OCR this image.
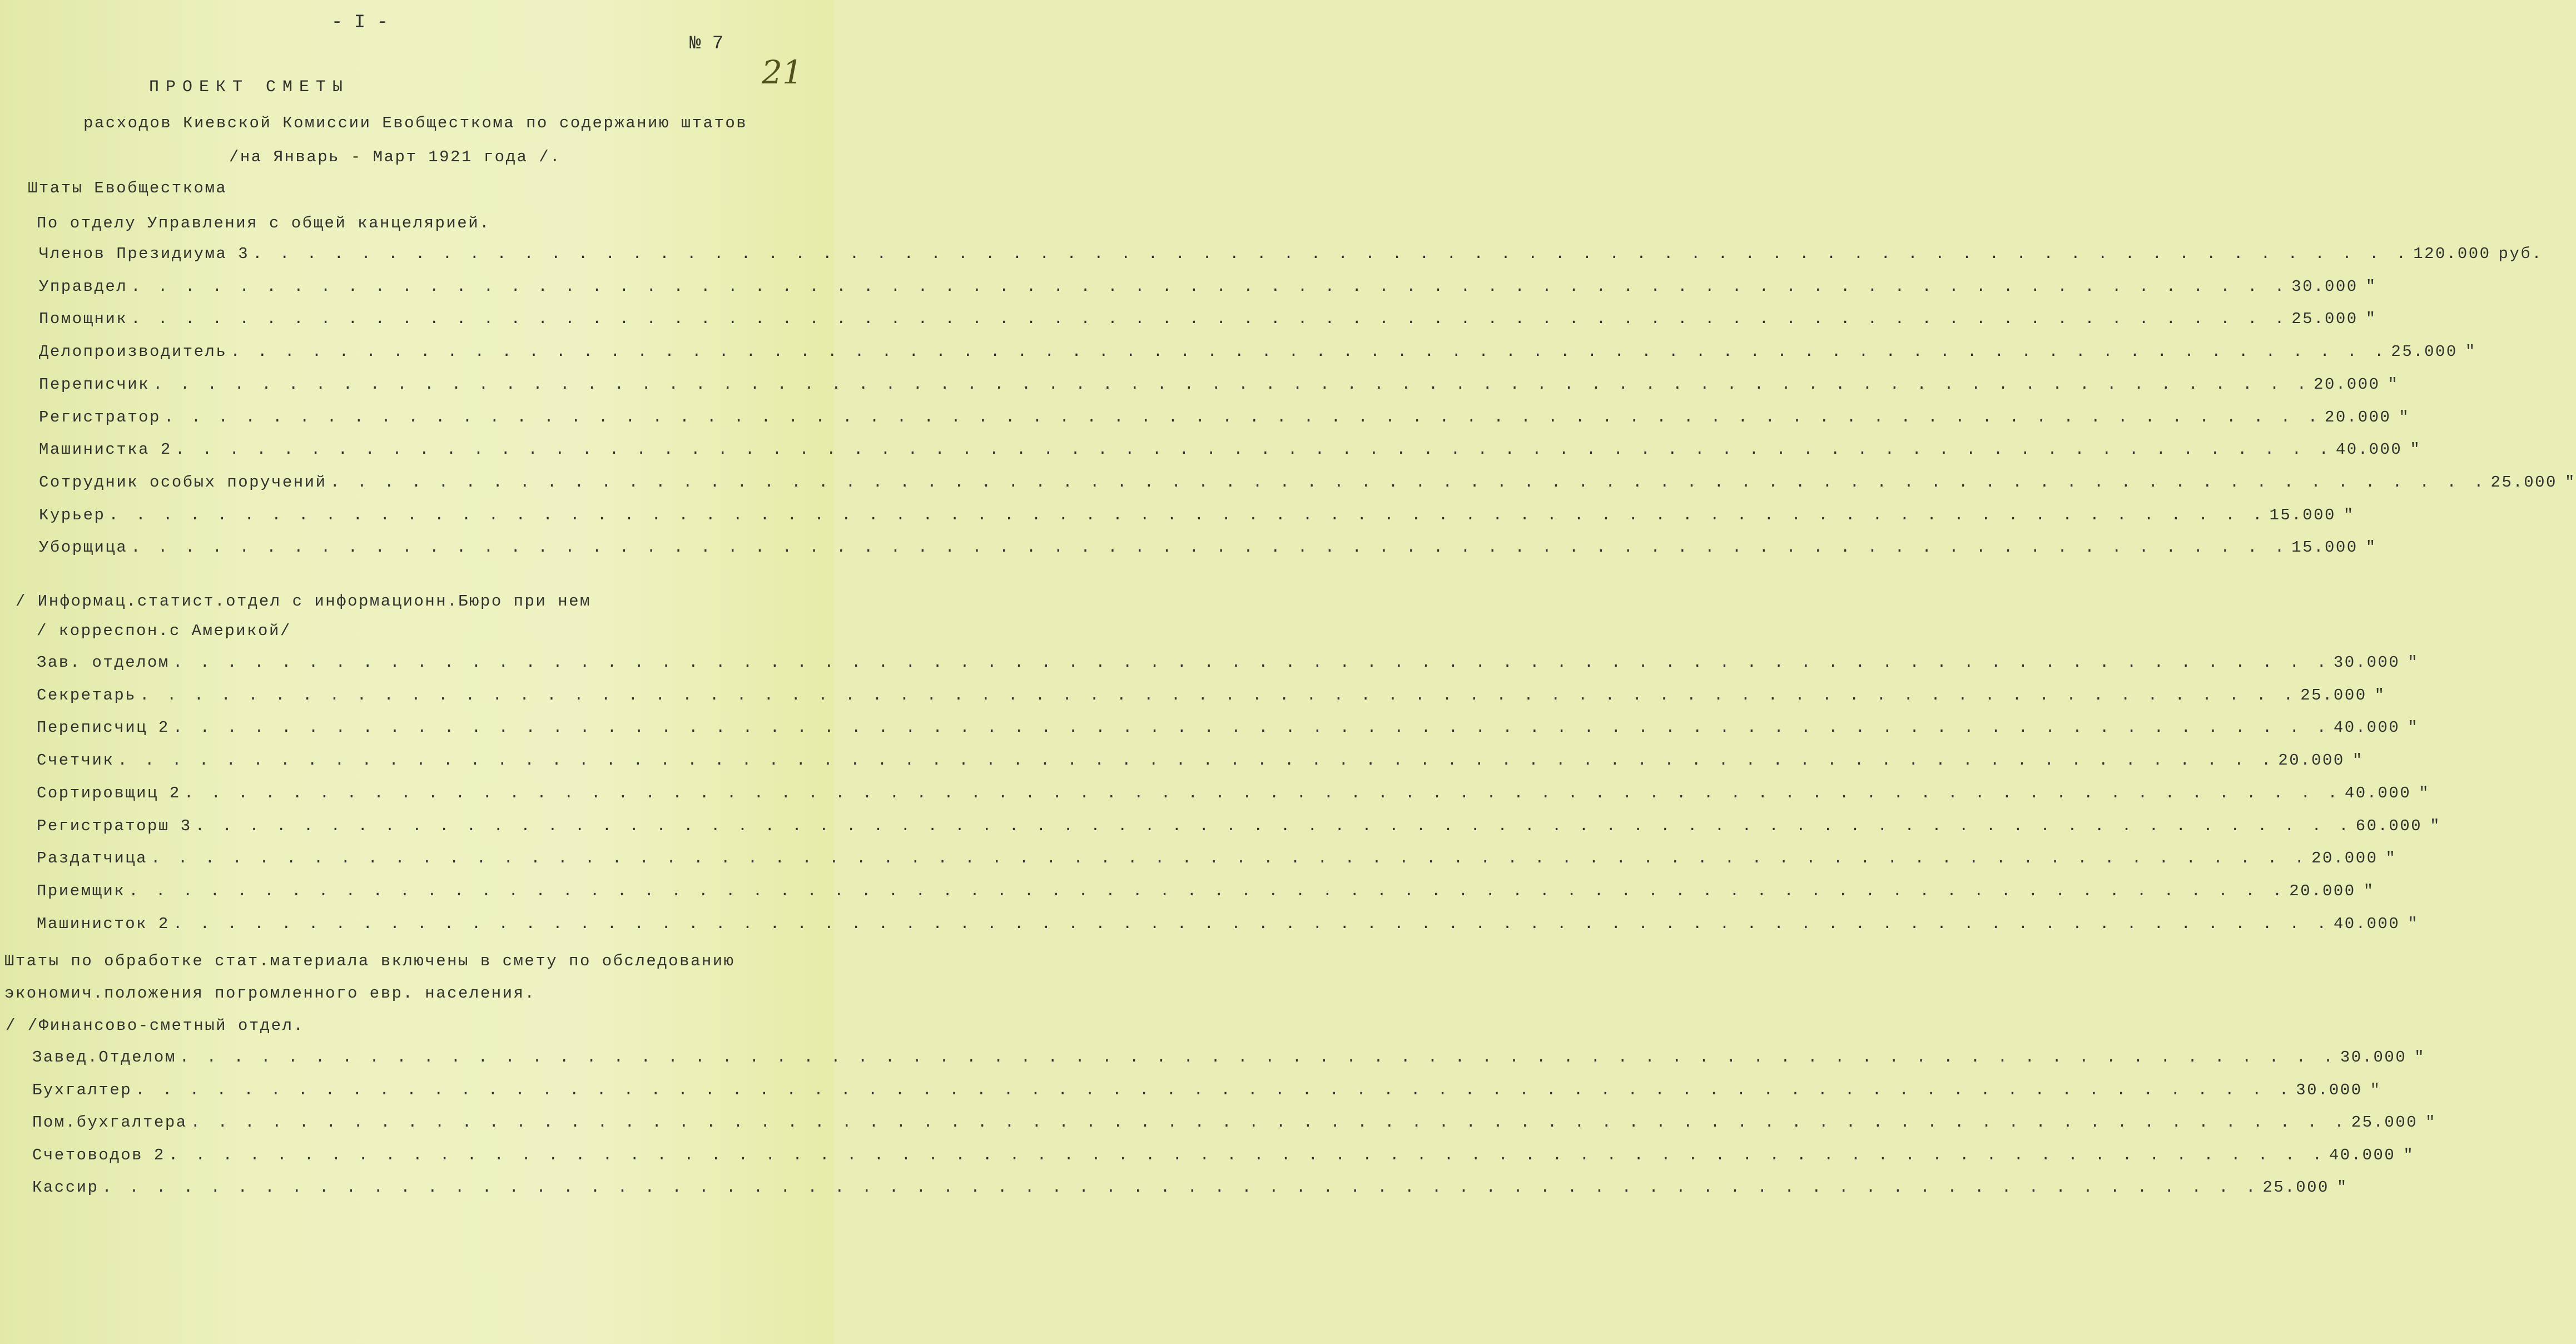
- I -
№ 7
21
ПРОЕКТ СМЕТЫ
расходов Киевской Комиссии Евобщесткома по содержанию штатов
/на Январь - Март 1921 года /.
Штаты Евобщесткома
По отделу Управления с общей канцелярией.
Членов Президиума 3 . . . . . . . . . . . . . . . . . . . . . . . . . . . . . . . . . . . . . . . . . . . . . . . . . . . . . . . . . . . . . . . . . . . . . . . . . . . . . . . . 120.000 руб.
Управдел . . . . . . . . . . . . . . . . . . . . . . . . . . . . . . . . . . . . . . . . . . . . . . . . . . . . . . . . . . . . . . . . . . . . . . . . . . . . . . . . 30.000 "
Помощник . . . . . . . . . . . . . . . . . . . . . . . . . . . . . . . . . . . . . . . . . . . . . . . . . . . . . . . . . . . . . . . . . . . . . . . . . . . . . . . . 25.000 "
Делопроизводитель . . . . . . . . . . . . . . . . . . . . . . . . . . . . . . . . . . . . . . . . . . . . . . . . . . . . . . . . . . . . . . . . . . . . . . . . . . . . . . . . 25.000 "
Переписчик . . . . . . . . . . . . . . . . . . . . . . . . . . . . . . . . . . . . . . . . . . . . . . . . . . . . . . . . . . . . . . . . . . . . . . . . . . . . . . . . 20.000 "
Регистратор . . . . . . . . . . . . . . . . . . . . . . . . . . . . . . . . . . . . . . . . . . . . . . . . . . . . . . . . . . . . . . . . . . . . . . . . . . . . . . . . 20.000 "
Машинистка 2 . . . . . . . . . . . . . . . . . . . . . . . . . . . . . . . . . . . . . . . . . . . . . . . . . . . . . . . . . . . . . . . . . . . . . . . . . . . . . . . . 40.000 "
Сотрудник особых поручений . . . . . . . . . . . . . . . . . . . . . . . . . . . . . . . . . . . . . . . . . . . . . . . . . . . . . . . . . . . . . . . . . . . . . . . . . . . . . . . . 25.000 "
Курьер . . . . . . . . . . . . . . . . . . . . . . . . . . . . . . . . . . . . . . . . . . . . . . . . . . . . . . . . . . . . . . . . . . . . . . . . . . . . . . . . 15.000 "
Уборщица . . . . . . . . . . . . . . . . . . . . . . . . . . . . . . . . . . . . . . . . . . . . . . . . . . . . . . . . . . . . . . . . . . . . . . . . . . . . . . . . 15.000 "
/ Информац.статист.отдел с информационн.Бюро при нем
/ корреспон.с Америкой/
Зав. отделом . . . . . . . . . . . . . . . . . . . . . . . . . . . . . . . . . . . . . . . . . . . . . . . . . . . . . . . . . . . . . . . . . . . . . . . . . . . . . . . . 30.000 "
Секретарь . . . . . . . . . . . . . . . . . . . . . . . . . . . . . . . . . . . . . . . . . . . . . . . . . . . . . . . . . . . . . . . . . . . . . . . . . . . . . . . . 25.000 "
Переписчиц 2 . . . . . . . . . . . . . . . . . . . . . . . . . . . . . . . . . . . . . . . . . . . . . . . . . . . . . . . . . . . . . . . . . . . . . . . . . . . . . . . . 40.000 "
Счетчик . . . . . . . . . . . . . . . . . . . . . . . . . . . . . . . . . . . . . . . . . . . . . . . . . . . . . . . . . . . . . . . . . . . . . . . . . . . . . . . . 20.000 "
Сортировщиц 2 . . . . . . . . . . . . . . . . . . . . . . . . . . . . . . . . . . . . . . . . . . . . . . . . . . . . . . . . . . . . . . . . . . . . . . . . . . . . . . . . 40.000 "
Регистраторш 3 . . . . . . . . . . . . . . . . . . . . . . . . . . . . . . . . . . . . . . . . . . . . . . . . . . . . . . . . . . . . . . . . . . . . . . . . . . . . . . . . 60.000 "
Раздатчица . . . . . . . . . . . . . . . . . . . . . . . . . . . . . . . . . . . . . . . . . . . . . . . . . . . . . . . . . . . . . . . . . . . . . . . . . . . . . . . . 20.000 "
Приемщик . . . . . . . . . . . . . . . . . . . . . . . . . . . . . . . . . . . . . . . . . . . . . . . . . . . . . . . . . . . . . . . . . . . . . . . . . . . . . . . . 20.000 "
Машинисток 2 . . . . . . . . . . . . . . . . . . . . . . . . . . . . . . . . . . . . . . . . . . . . . . . . . . . . . . . . . . . . . . . . . . . . . . . . . . . . . . . . 40.000 "
Штаты по обработке стат.материала включены в смету по обследованию
экономич.положения погромленного евр. населения.
/ /Финансово-сметный отдел.
Завед.Отделом . . . . . . . . . . . . . . . . . . . . . . . . . . . . . . . . . . . . . . . . . . . . . . . . . . . . . . . . . . . . . . . . . . . . . . . . . . . . . . . . 30.000 "
Бухгалтер . . . . . . . . . . . . . . . . . . . . . . . . . . . . . . . . . . . . . . . . . . . . . . . . . . . . . . . . . . . . . . . . . . . . . . . . . . . . . . . . 30.000 "
Пом.бухгалтера . . . . . . . . . . . . . . . . . . . . . . . . . . . . . . . . . . . . . . . . . . . . . . . . . . . . . . . . . . . . . . . . . . . . . . . . . . . . . . . . 25.000 "
Счетоводов 2 . . . . . . . . . . . . . . . . . . . . . . . . . . . . . . . . . . . . . . . . . . . . . . . . . . . . . . . . . . . . . . . . . . . . . . . . . . . . . . . . 40.000 "
Кассир . . . . . . . . . . . . . . . . . . . . . . . . . . . . . . . . . . . . . . . . . . . . . . . . . . . . . . . . . . . . . . . . . . . . . . . . . . . . . . . . 25.000 "
